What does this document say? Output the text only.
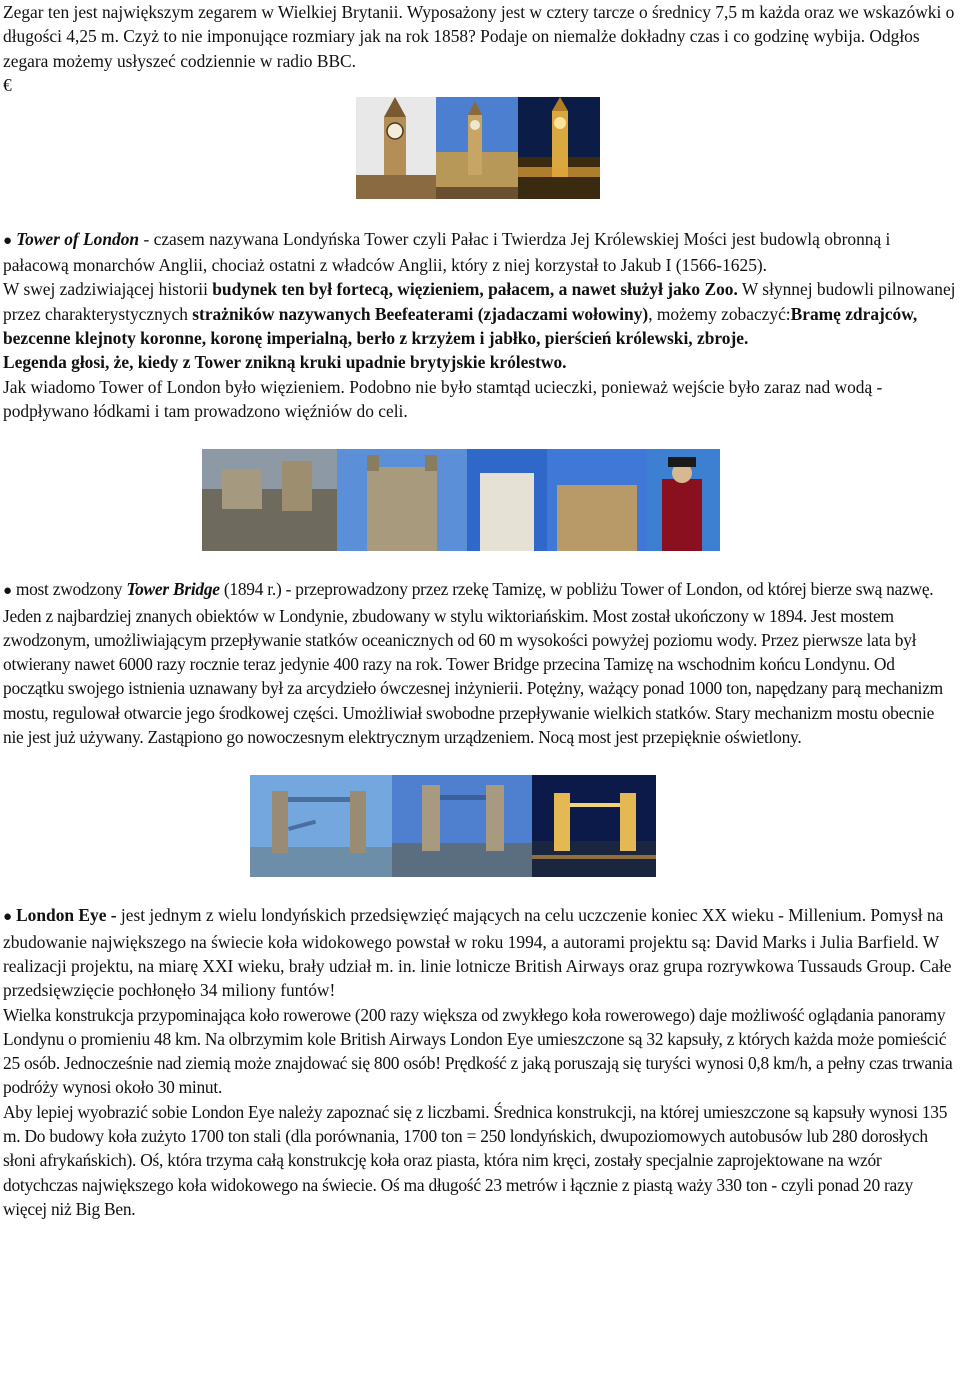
Zegar ten jest największym zegarem w Wielkiej Brytanii. Wyposażony jest w cztery tarcze o średnicy 7,5 m każda oraz we wskazówki o długości 4,25 m. Czyż to nie imponujące rozmiary jak na rok 1858? Podaje on niemalże dokładny czas i co godzinę wybija. Odgłos zegara możemy usłyszeć codziennie w radio BBC.

€

● Tower of London - czasem nazywana Londyńska Tower czyli Pałac i Twierdza Jej Królewskiej Mości jest budowlą obronną i pałacową monarchów Anglii, chociaż ostatni z władców Anglii, który z niej korzystał to Jakub I (1566-1625).

W swej zadziwiającej historii budynek ten był fortecą, więzieniem, pałacem, a nawet służył jako Zoo. W słynnej budowli pilnowanej przez charakterystycznych strażników nazywanych Beefeaterami (zjadaczami wołowiny), możemy zobaczyć:Bramę zdrajców, bezcenne klejnoty koronne, koronę imperialną, berło z krzyżem i jabłko, pierścień królewski, zbroje.

Legenda głosi, że, kiedy z Tower znikną kruki upadnie brytyjskie królestwo.

Jak wiadomo Tower of London było więzieniem. Podobno nie było stamtąd ucieczki, ponieważ wejście było zaraz nad wodą - podpływano łódkami i tam prowadzono więźniów do celi.

● most zwodzony Tower Bridge (1894 r.) - przeprowadzony przez rzekę Tamizę, w pobliżu Tower of London, od której bierze swą nazwę. Jeden z najbardziej znanych obiektów w Londynie, zbudowany w stylu wiktoriańskim. Most został ukończony w 1894. Jest mostem zwodzonym, umożliwiającym przepływanie statków oceanicznych od 60 m wysokości powyżej poziomu wody. Przez pierwsze lata był otwierany nawet 6000 razy rocznie teraz jedynie 400 razy na rok. Tower Bridge przecina Tamizę na wschodnim końcu Londynu. Od początku swojego istnienia uznawany był za arcydzieło ówczesnej inżynierii. Potężny, ważący ponad 1000 ton, napędzany parą mechanizm mostu, regulował otwarcie jego środkowej części. Umożliwiał swobodne przepływanie wielkich statków. Stary mechanizm mostu obecnie nie jest już używany. Zastąpiono go nowoczesnym elektrycznym urządzeniem. Nocą most jest przepięknie oświetlony.

● London Eye - jest jednym z wielu londyńskich przedsięwzięć mających na celu uczczenie koniec XX wieku - Millenium. Pomysł na zbudowanie największego na świecie koła widokowego powstał w roku 1994, a autorami projektu są: David Marks i Julia Barfield. W realizacji projektu, na miarę XXI wieku, brały udział m. in. linie lotnicze British Airways oraz grupa rozrywkowa Tussauds Group. Całe przedsięwzięcie pochłonęło 34 miliony funtów!

Wielka konstrukcja przypominająca koło rowerowe (200 razy większa od zwykłego koła rowerowego) daje możliwość oglądania panoramy Londynu o promieniu 48 km. Na olbrzymim kole British Airways London Eye umieszczone są 32 kapsuły, z których każda może pomieścić 25 osób. Jednocześnie nad ziemią może znajdować się 800 osób! Prędkość z jaką poruszają się turyści wynosi 0,8 km/h, a pełny czas trwania podróży wynosi około 30 minut.

Aby lepiej wyobrazić sobie London Eye należy zapoznać się z liczbami. Średnica konstrukcji, na której umieszczone są kapsuły wynosi 135 m. Do budowy koła zużyto 1700 ton stali (dla porównania, 1700 ton = 250 londyńskich, dwupoziomowych autobusów lub 280 dorosłych słoni afrykańskich). Oś, która trzyma całą konstrukcję koła oraz piasta, która nim kręci, zostały specjalnie zaprojektowane na wzór dotychczas największego koła widokowego na świecie. Oś ma długość 23 metrów i łącznie z piastą waży 330 ton - czyli ponad 20 razy więcej niż Big Ben.
